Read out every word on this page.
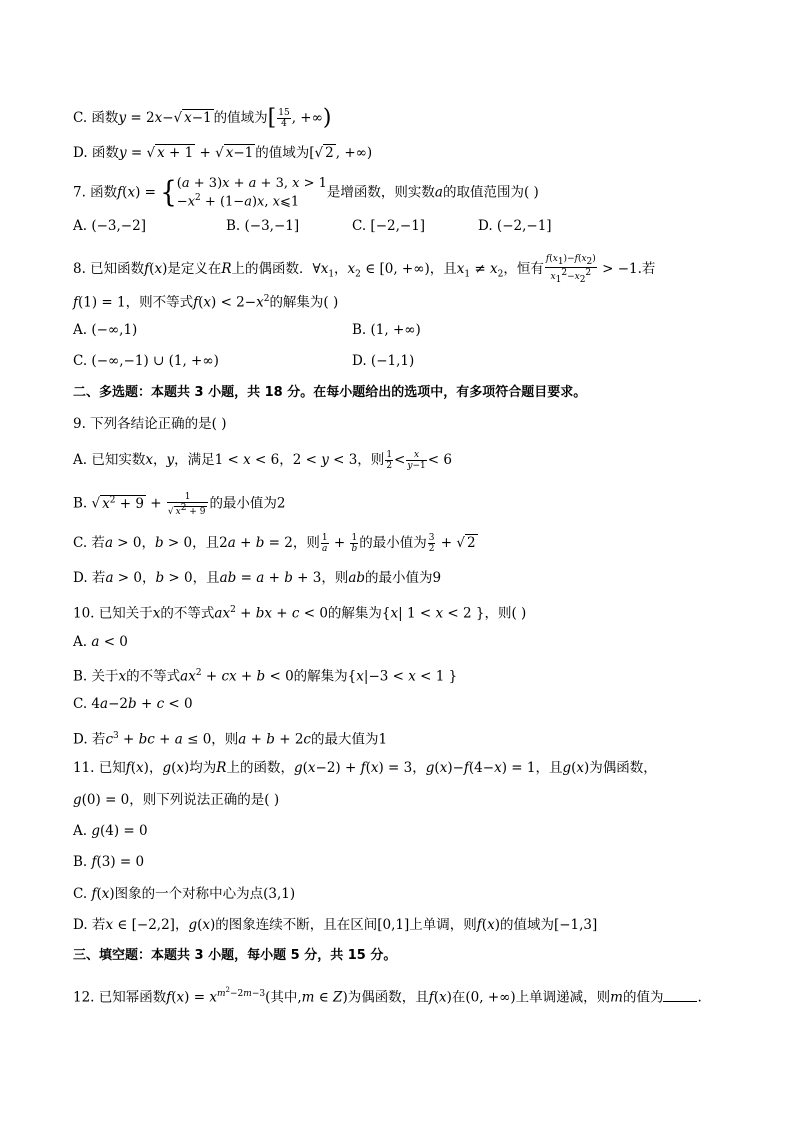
C. 函数y = 2x−√ x−1 的值域为[ $\frac{15}{4}$ , +∞)
D. 函数y = √ x + 1 + √ x−1 的值域为[√ 2 , +∞)
7. 函数f(x) = { (a + 3)x + a + 3, x > 1
$-x^2 + (1-a)x$, x⩽1
是增函数，则实数a的取值范围为( )
A. (−3,−2]	B. (−3,−1]	C. [−2,−1]	D. (−2,−1]
8. 已知函数f(x)是定义在R上的偶函数．$\forall x_1$，$x_2$ ∈ [0, +∞)，且$x_1 \ne x_2$，恒有 $\frac{f(x_1)-f(x_2)}{x_1^2-x_2^2} > -1$.若
f(1) = 1，则不等式$f(x) < 2-x^2$的解集为( )
A. (−∞,1)	B. (1, +∞)
C. (−∞,−1) ∪ (1, +∞)	D. (−1,1)
二、多选题：本题共 3 小题，共 18 分。在每小题给出的选项中，有多项符合题目要求。
9. 下列各结论正确的是( )
A. 已知实数x，y，满足1 < x < 6，2 < y < 3，则 $\frac{1}{2} < \frac{x}{y-1} < 6$
B. √ $x^2 + 9 + \frac{1}{√ x^2 + 9}$ 的最小值为2
C. 若a > 0，b > 0，且2a + b = 2，则 $\frac{1}{a} + \frac{1}{b}$ 的最小值为 $\frac{3}{2}$ + √ 2
D. 若a > 0，b > 0，且ab = a + b + 3，则ab的最小值为9
10. 已知关于x的不等式$ax^2$ + bx + c < 0的解集为{x| 1 < x < 2 }，则( )
A. a < 0
B. 关于x的不等式$ax^2$ + cx + b < 0的解集为{x|−3 < x < 1 }
C. 4a−2b + c < 0
D. 若$c^3$ + bc + a ≤ 0，则a + b + 2c的最大值为1
11. 已知f(x)，g(x)均为R上的函数，g(x−2) + f(x) = 3，g(x)−f(4−x) = 1，且g(x)为偶函数，
g(0) = 0，则下列说法正确的是( )
A. g(4) = 0
B. f(3) = 0
C. f(x)图象的一个对称中心为点(3,1)
D. 若x ∈ [−2,2]，g(x)的图象连续不断，且在区间[0,1]上单调，则f(x)的值域为[−1,3]
三、填空题：本题共 3 小题，每小题 5 分，共 15 分。
12. 已知幂函数$f(x) = x^{m^2-2m-3}$(其中,m ∈ Z)为偶函数，且f(x)在(0, +∞)上单调递减，则m的值为	.
